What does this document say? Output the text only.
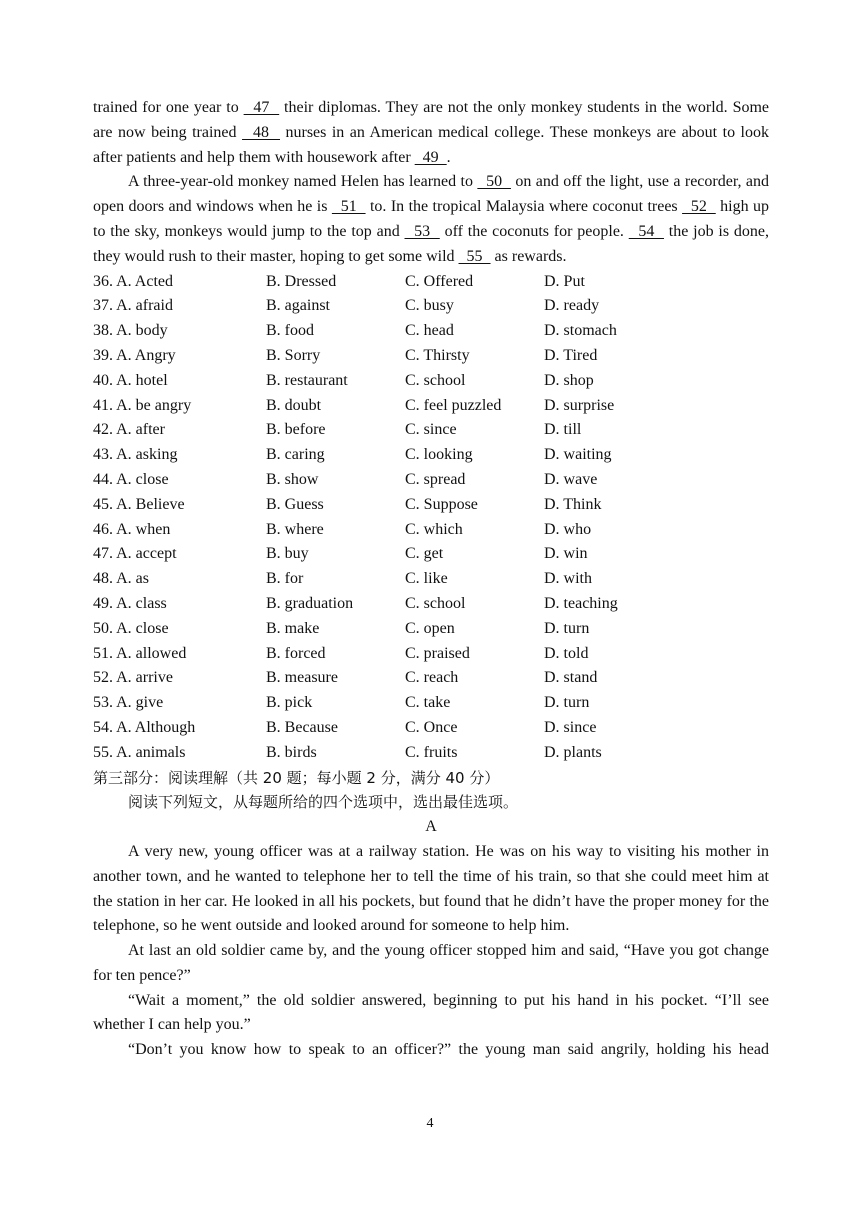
trained for one year to   47   their diplomas. They are not the only monkey students in the world. Some are now being trained   48   nurses in an American medical college. These monkeys are about to look after patients and help them with housework after   49  .

A three-year-old monkey named Helen has learned to   50   on and off the light, use a recorder, and open doors and windows when he is   51   to. In the tropical Malaysia where coconut trees   52   high up to the sky, monkeys would jump to the top and   53   off the coconuts for people.   54   the job is done, they would rush to their master, hoping to get some wild   55   as rewards.

36. A. Acted	B. Dressed	C. Offered	D. Put
37. A. afraid	B. against	C. busy	D. ready
38. A. body	B. food	C. head	D. stomach
39. A. Angry	B. Sorry	C. Thirsty	D. Tired
40. A. hotel	B. restaurant	C. school	D. shop
41. A. be angry	B. doubt	C. feel puzzled	D. surprise
42. A. after	B. before	C. since	D. till
43. A. asking	B. caring	C. looking	D. waiting
44. A. close	B. show	C. spread	D. wave
45. A. Believe	B. Guess	C. Suppose	D. Think
46. A. when	B. where	C. which	D. who
47. A. accept	B. buy	C. get	D. win
48. A. as	B. for	C. like	D. with
49. A. class	B. graduation	C. school	D. teaching
50. A. close	B. make	C. open	D. turn
51. A. allowed	B. forced	C. praised	D. told
52. A. arrive	B. measure	C. reach	D. stand
53. A. give	B. pick	C. take	D. turn
54. A. Although	B. Because	C. Once	D. since
55. A. animals	B. birds	C. fruits	D. plants
第三部分：阅读理解（共 20 题；每小题 2 分，满分 40 分）
阅读下列短文，从每题所给的四个选项中，选出最佳选项。
A

A very new, young officer was at a railway station. He was on his way to visiting his mother in another town, and he wanted to telephone her to tell the time of his train, so that she could meet him at the station in her car. He looked in all his pockets, but found that he didn’t have the proper money for the telephone, so he went outside and looked around for someone to help him.

At last an old soldier came by, and the young officer stopped him and said, “Have you got change for ten pence?”

“Wait a moment,” the old soldier answered, beginning to put his hand in his pocket. “I’ll see whether I can help you.”

“Don’t you know how to speak to an officer?” the young man said angrily, holding his head

4
